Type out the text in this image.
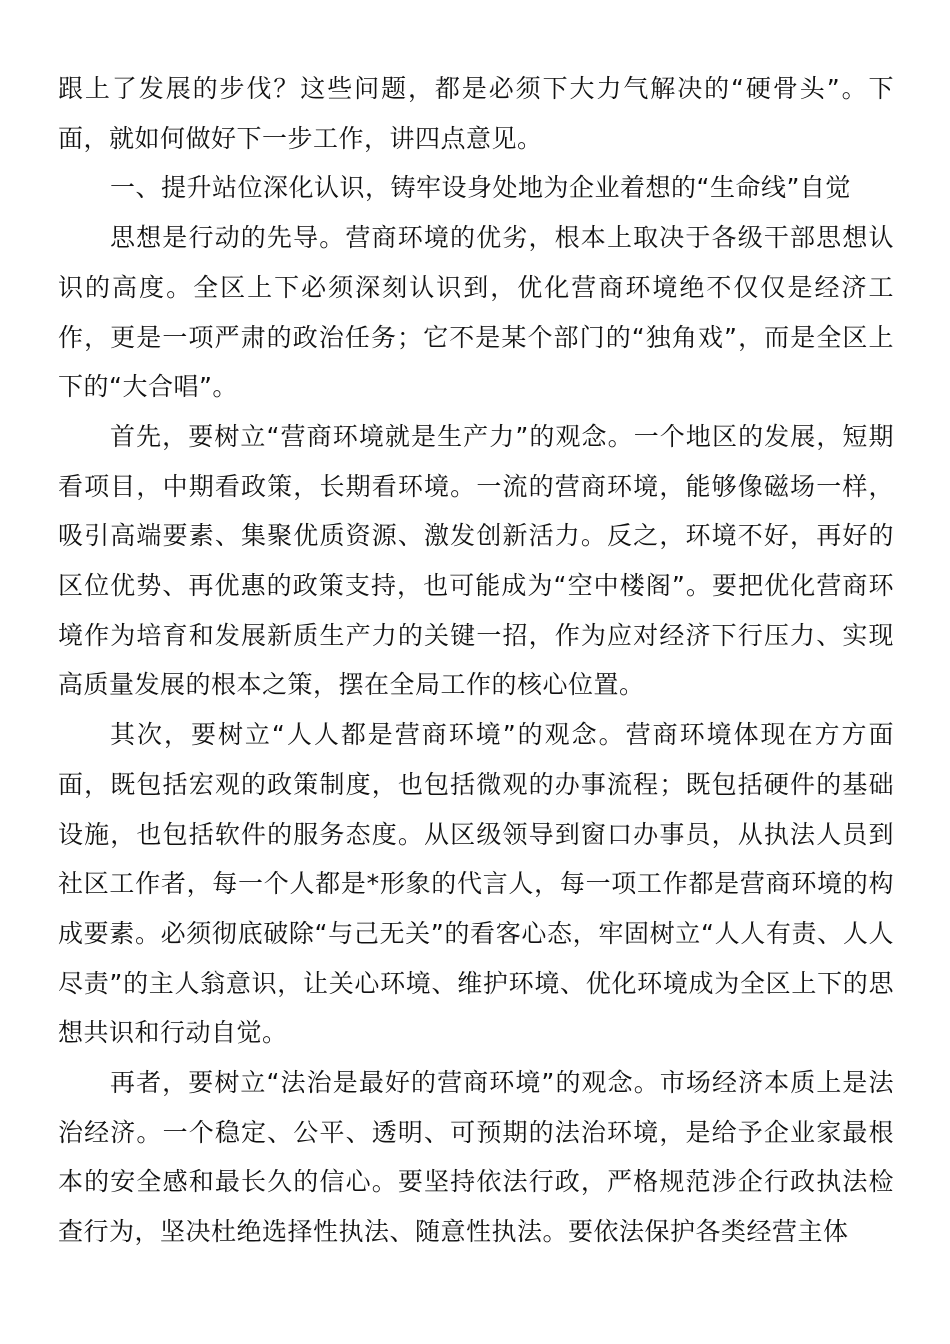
跟上了发展的步伐？这些问题，都是必须下大力气解决的“硬骨头”。下面，就如何做好下一步工作，讲四点意见。

一、提升站位深化认识，铸牢设身处地为企业着想的“生命线”自觉

思想是行动的先导。营商环境的优劣，根本上取决于各级干部思想认识的高度。全区上下必须深刻认识到，优化营商环境绝不仅仅是经济工作，更是一项严肃的政治任务；它不是某个部门的“独角戏”，而是全区上下的“大合唱”。

首先，要树立“营商环境就是生产力”的观念。一个地区的发展，短期看项目，中期看政策，长期看环境。一流的营商环境，能够像磁场一样，吸引高端要素、集聚优质资源、激发创新活力。反之，环境不好，再好的区位优势、再优惠的政策支持，也可能成为“空中楼阁”。要把优化营商环境作为培育和发展新质生产力的关键一招，作为应对经济下行压力、实现高质量发展的根本之策，摆在全局工作的核心位置。

其次，要树立“人人都是营商环境”的观念。营商环境体现在方方面面，既包括宏观的政策制度，也包括微观的办事流程；既包括硬件的基础设施，也包括软件的服务态度。从区级领导到窗口办事员，从执法人员到社区工作者，每一个人都是*形象的代言人，每一项工作都是营商环境的构成要素。必须彻底破除“与己无关”的看客心态，牢固树立“人人有责、人人尽责”的主人翁意识，让关心环境、维护环境、优化环境成为全区上下的思想共识和行动自觉。

再者，要树立“法治是最好的营商环境”的观念。市场经济本质上是法治经济。一个稳定、公平、透明、可预期的法治环境，是给予企业家最根本的安全感和最长久的信心。要坚持依法行政，严格规范涉企行政执法检查行为，坚决杜绝选择性执法、随意性执法。要依法保护各类经营主体
